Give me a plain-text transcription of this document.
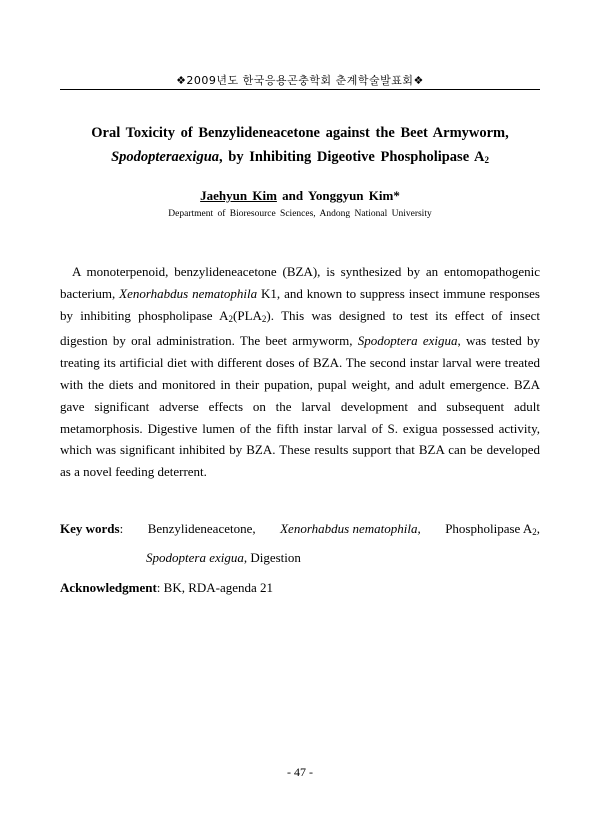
❖2009년도 한국응용곤충학회 춘계학술발표회❖
Oral Toxicity of Benzylideneacetone against the Beet Armyworm,
Spodopteraexigua, by Inhibiting Digeotive Phospholipase $A_2$
Jaehyun Kim and Yonggyun Kim*
Department of Bioresource Sciences, Andong National University

A monoterpenoid, benzylideneacetone (BZA), is synthesized by an entomopathogenic bacterium, Xenorhabdus nematophila K1, and known to suppress insect immune responses by inhibiting phospholipase $A_2(PLA_2)$. This was designed to test its effect of insect digestion by oral administration. The beet armyworm, Spodoptera exigua, was tested by treating its artificial diet with different doses of BZA. The second instar larval were treated with the diets and monitored in their pupation, pupal weight, and adult emergence. BZA gave significant adverse effects on the larval development and subsequent adult metamorphosis. Digestive lumen of the fifth instar larval of S. exigua possessed activity, which was significant inhibited by BZA. These results support that BZA can be developed as a novel feeding deterrent.

Key words: Benzylideneacetone, Xenorhabdus nematophila, Phospholipase $A_2$,
Spodoptera exigua, Digestion
Acknowledgment: BK, RDA-agenda 21
- 47 -
